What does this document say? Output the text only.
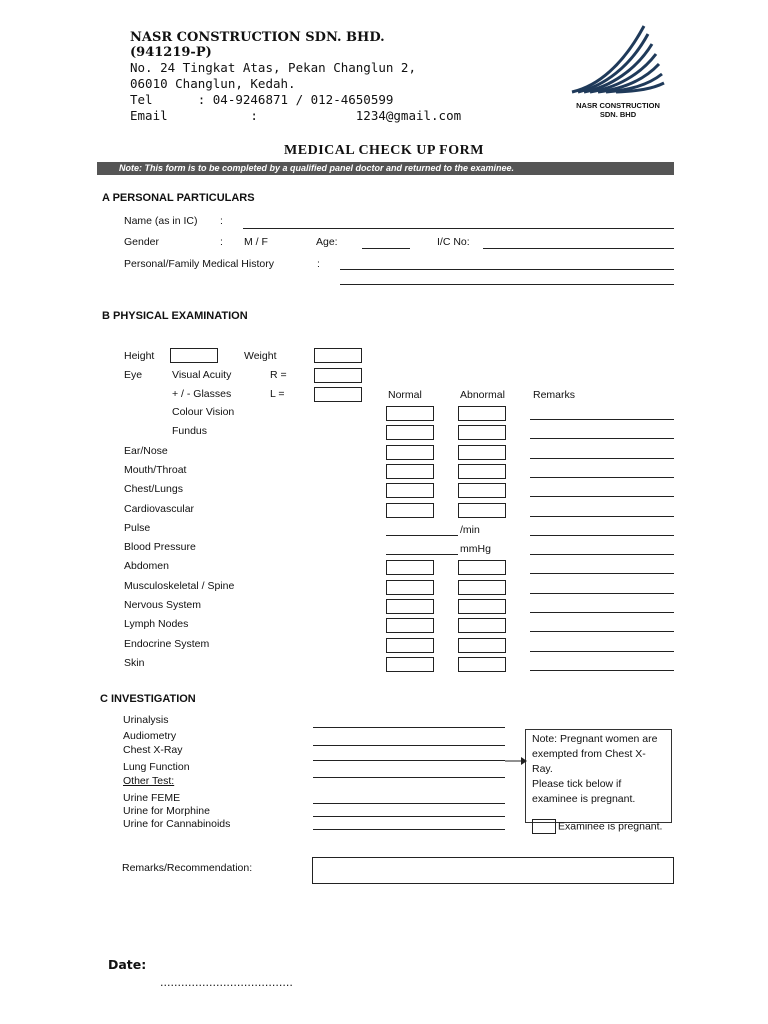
NASR CONSTRUCTION SDN. BHD. (941219-P)
No. 24 Tingkat Atas, Pekan Changlun 2,
06010 Changlun, Kedah.
Tel      : 04-9246871 / 012-4650599
Email           :             1234@gmail.com
NASR CONSTRUCTION
SDN. BHD
MEDICAL CHECK UP FORM
Note: This form is to be completed by a qualified panel doctor and returned to the examinee.
A PERSONAL PARTICULARS
Name (as in IC) :
Gender	: M / F	Age:	I/C No:
Personal/Family Medical History	:
B PHYSICAL EXAMINATION
Height	Weight
Eye	Visual Acuity	R =
+ / - Glasses	L =	Normal	Abnormal	Remarks
Colour Vision
Fundus
Ear/Nose
Mouth/Throat
Chest/Lungs
Cardiovascular
Pulse	/min
Blood Pressure	mmHg
Abdomen
Musculoskeletal / Spine
Nervous System
Lymph Nodes
Endocrine System
Skin
C INVESTIGATION
Urinalysis
Audiometry
Chest X-Ray
Lung Function
Other Test:
Urine FEME
Urine for Morphine
Urine for Cannabinoids
Note: Pregnant women are
exempted from Chest X-Ray.
Please tick below if
examinee is pregnant.
Examinee is pregnant.
Remarks/Recommendation:
Date:
......................................
